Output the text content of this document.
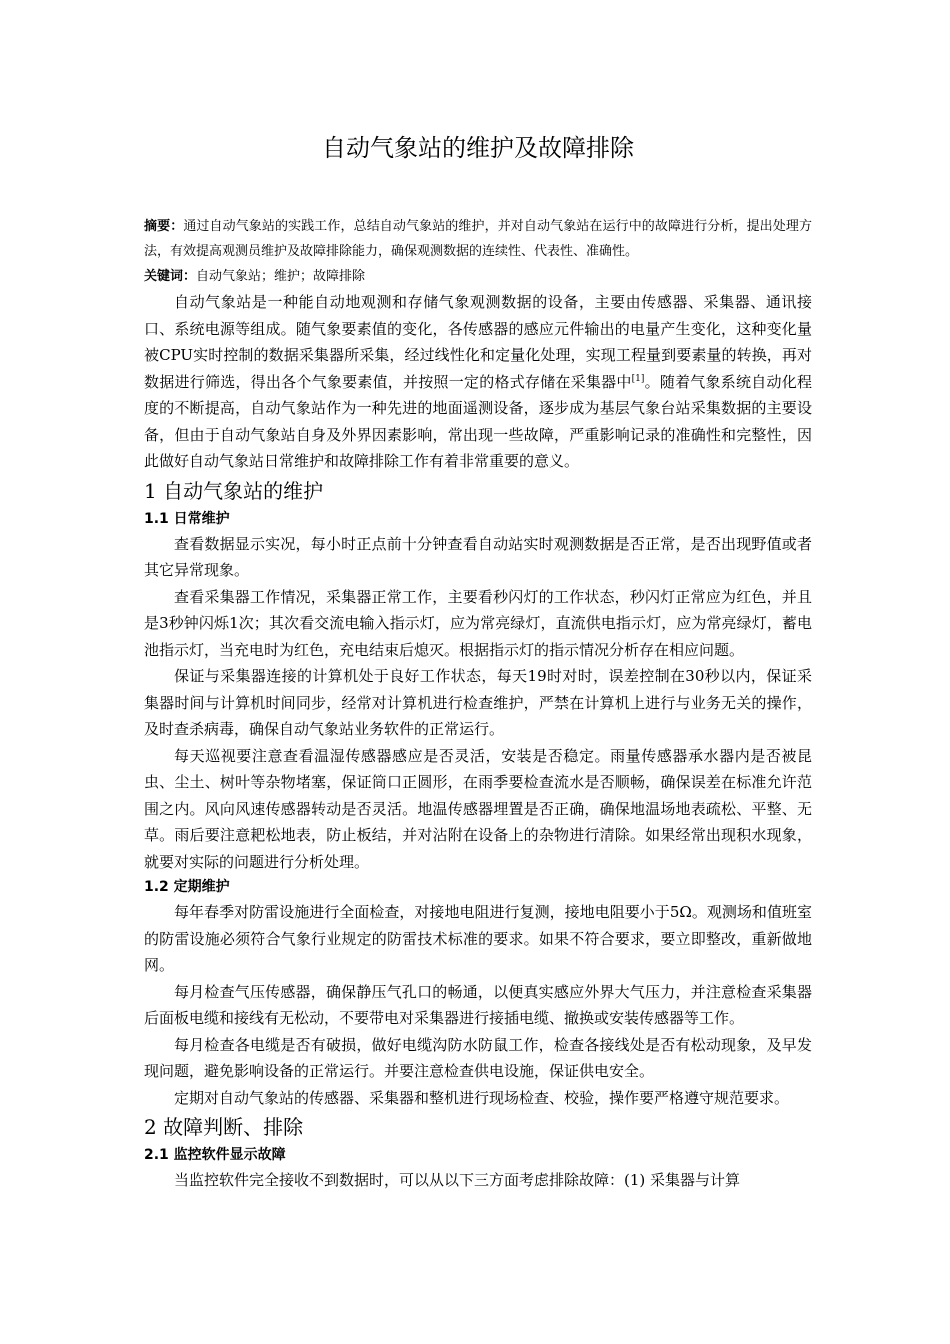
自动气象站的维护及故障排除

摘要：通过自动气象站的实践工作，总结自动气象站的维护，并对自动气象站在运行中的故障进行分析，提出处理方法，有效提高观测员维护及故障排除能力，确保观测数据的连续性、代表性、准确性。

关键词：自动气象站；维护；故障排除

自动气象站是一种能自动地观测和存储气象观测数据的设备，主要由传感器、采集器、通讯接口、系统电源等组成。随气象要素值的变化，各传感器的感应元件输出的电量产生变化，这种变化量被CPU实时控制的数据采集器所采集，经过线性化和定量化处理，实现工程量到要素量的转换，再对数据进行筛选，得出各个气象要素值，并按照一定的格式存储在采集器中[1]。随着气象系统自动化程度的不断提高，自动气象站作为一种先进的地面遥测设备，逐步成为基层气象台站采集数据的主要设备，但由于自动气象站自身及外界因素影响，常出现一些故障，严重影响记录的准确性和完整性，因此做好自动气象站日常维护和故障排除工作有着非常重要的意义。

1 自动气象站的维护
1.1 日常维护

查看数据显示实况，每小时正点前十分钟查看自动站实时观测数据是否正常，是否出现野值或者其它异常现象。

查看采集器工作情况，采集器正常工作，主要看秒闪灯的工作状态，秒闪灯正常应为红色，并且是3秒钟闪烁1次；其次看交流电输入指示灯，应为常亮绿灯，直流供电指示灯，应为常亮绿灯，蓄电池指示灯，当充电时为红色，充电结束后熄灭。根据指示灯的指示情况分析存在相应问题。

保证与采集器连接的计算机处于良好工作状态，每天19时对时，误差控制在30秒以内，保证采集器时间与计算机时间同步，经常对计算机进行检查维护，严禁在计算机上进行与业务无关的操作，及时查杀病毒，确保自动气象站业务软件的正常运行。

每天巡视要注意查看温湿传感器感应是否灵活，安装是否稳定。雨量传感器承水器内是否被昆虫、尘土、树叶等杂物堵塞，保证筒口正圆形，在雨季要检查流水是否顺畅，确保误差在标准允许范围之内。风向风速传感器转动是否灵活。地温传感器埋置是否正确，确保地温场地表疏松、平整、无草。雨后要注意耙松地表，防止板结，并对沾附在设备上的杂物进行清除。如果经常出现积水现象，就要对实际的问题进行分析处理。

1.2 定期维护

每年春季对防雷设施进行全面检查，对接地电阻进行复测，接地电阻要小于5Ω。观测场和值班室的防雷设施必须符合气象行业规定的防雷技术标准的要求。如果不符合要求，要立即整改，重新做地网。

每月检查气压传感器，确保静压气孔口的畅通，以便真实感应外界大气压力，并注意检查采集器后面板电缆和接线有无松动，不要带电对采集器进行接插电缆、撤换或安装传感器等工作。

每月检查各电缆是否有破损，做好电缆沟防水防鼠工作，检查各接线处是否有松动现象，及早发现问题，避免影响设备的正常运行。并要注意检查供电设施，保证供电安全。

定期对自动气象站的传感器、采集器和整机进行现场检查、校验，操作要严格遵守规范要求。

2 故障判断、排除
2.1 监控软件显示故障

当监控软件完全接收不到数据时，可以从以下三方面考虑排除故障：(1) 采集器与计算
